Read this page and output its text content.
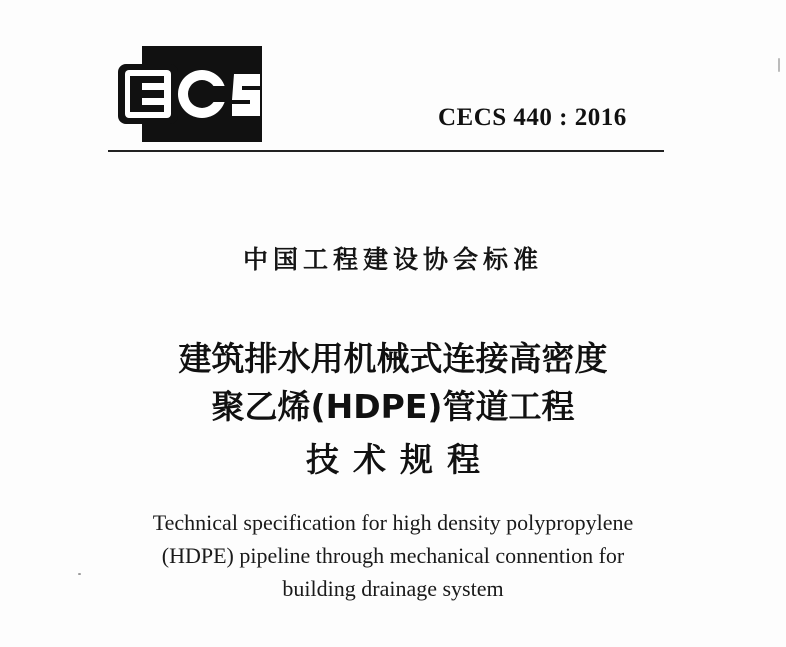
CECS 440 : 2016
中国工程建设协会标准
建筑排水用机械式连接高密度
聚乙烯(HDPE)管道工程
技术规程
Technical specification for high density polypropylene
(HDPE) pipeline through mechanical connention for
building drainage system
